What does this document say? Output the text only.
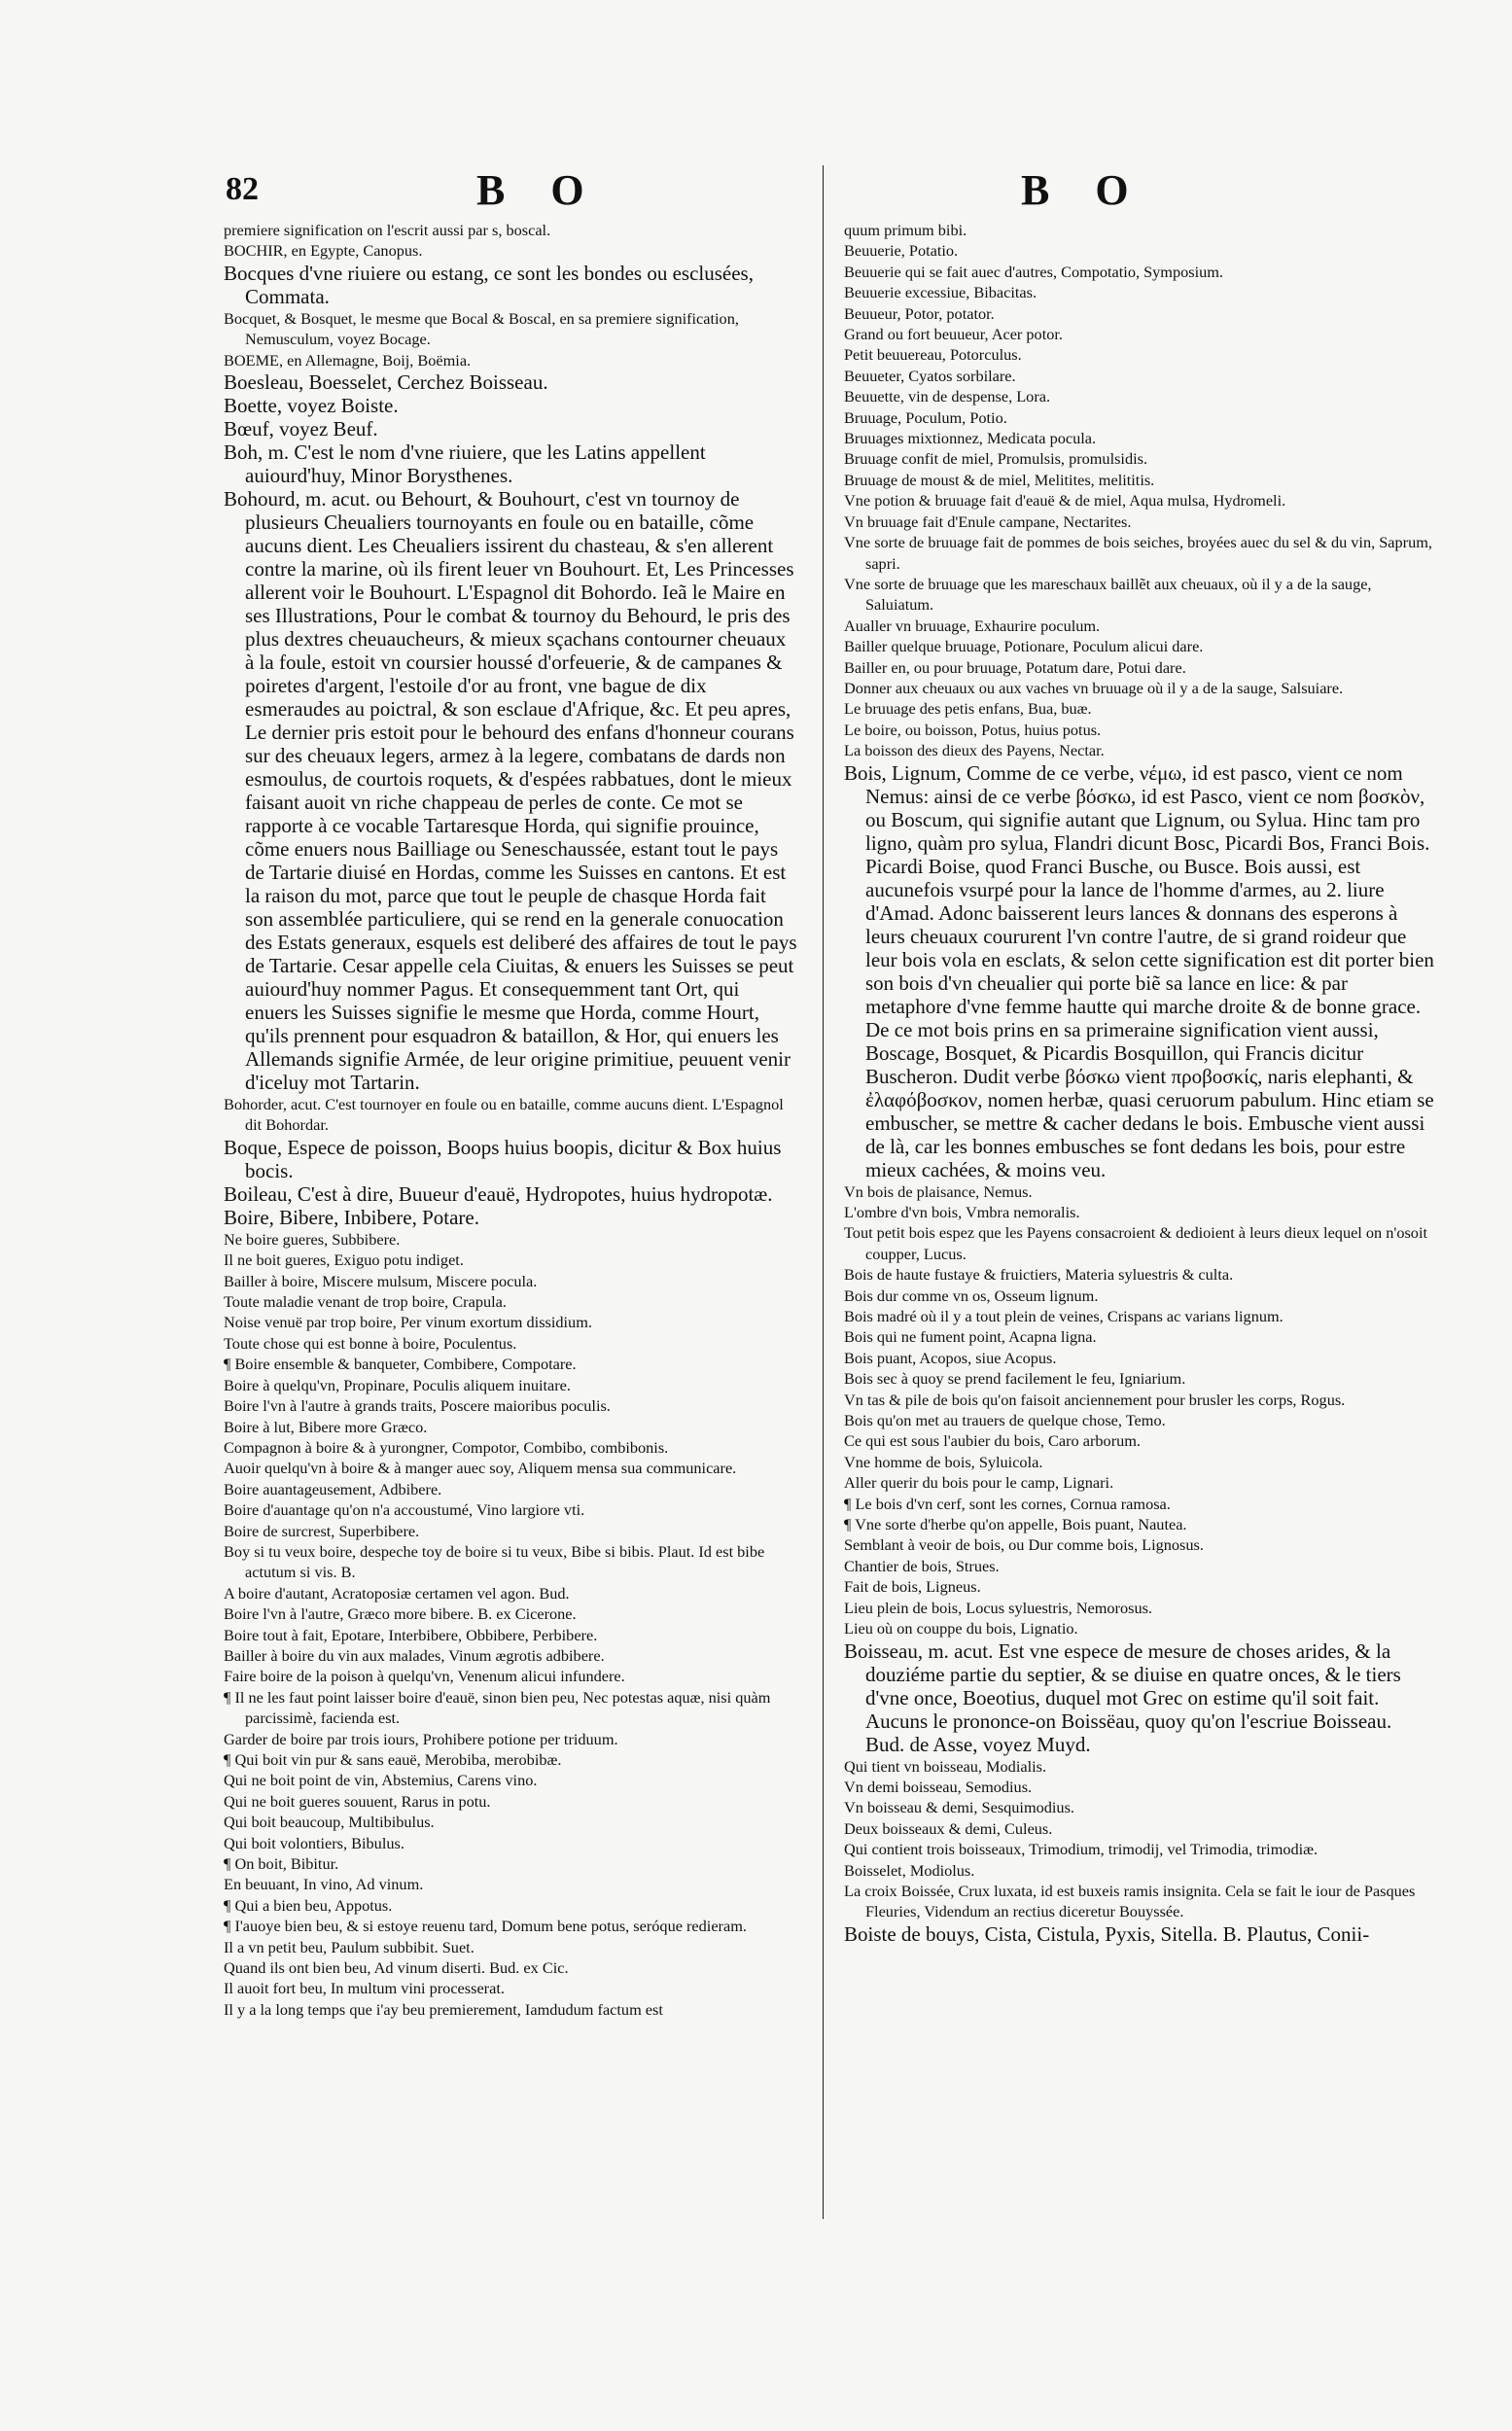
82	B O	B O

premiere signification on l'escrit aussi par s, boscal.

BOCHIR, en Egypte, Canopus.

Bocques d'vne riuiere ou estang, ce sont les bondes ou esclusées, Commata.

Bocquet, & Bosquet, le mesme que Bocal & Boscal, en sa premiere signification, Nemusculum, voyez Bocage.

BOEME, en Allemagne, Boij, Boëmia.

Boeslеau, Boesselet, Cerchez Boisseau.

Boette, voyez Boiste.

Bœuf, voyez Beuf.

Boh, m. C'est le nom d'vne riuiere, que les Latins appellent auiourd'huy, Minor Borysthenes.

Bohourd, m. acut. ou Behourt, & Bouhourt, c'est vn tournoy de plusieurs Cheualiers tournoyants en foule ou en bataille, cõme aucuns dient. Les Cheualiers issirent du chasteau, & s'en allerent contre la marine, où ils firent leuer vn Bouhourt. Et, Les Princesses allerent voir le Bouhourt. L'Espagnol dit Bohordo. Ieã le Maire en ses Illustrations, Pour le combat & tournoy du Behourd, le pris des plus dextres cheuaucheurs, & mieux sçachans contourner cheuaux à la foule, estoit vn coursier houssé d'orfeuerie, & de campanes & poiretes d'argent, l'estoile d'or au front, vne bague de dix esmeraudes au poictral, & son esclaue d'Afrique, &c. Et peu apres, Le dernier pris estoit pour le behourd des enfans d'honneur courans sur des cheuaux legers, armez à la legere, combatans de dards non esmoulus, de courtois roquets, & d'espées rabbatues, dont le mieux faisant auoit vn riche chappeau de perles de conte. Ce mot se rapporte à ce vocable Tartaresque Horda, qui signifie prouince, cõme enuers nous Bailliage ou Seneschaussée, estant tout le pays de Tartarie diuisé en Hordas, comme les Suisses en cantons. Et est la raison du mot, parce que tout le peuple de chasque Horda fait son assemblée particuliere, qui se rend en la generale conuocation des Estats generaux, esquels est deliberé des affaires de tout le pays de Tartarie. Cesar appelle cela Ciuitas, & enuers les Suisses se peut auiourd'huy nommer Pagus. Et consequemment tant Ort, qui enuers les Suisses signifie le mesme que Horda, comme Hourt, qu'ils prennent pour esquadron & bataillon, & Hor, qui enuers les Allemands signifie Armée, de leur origine primitiue, peuuent venir d'iceluy mot Tartarin.

Bohorder, acut. C'est tournoyer en foule ou en bataille, comme aucuns dient. L'Espagnol dit Bohordar.

Boque, Espece de poisson, Boops huius boopis, dicitur & Box huius bocis.

Boileau, C'est à dire, Buueur d'eauë, Hydropotes, huius hydropotæ.

Boire, Bibere, Inbibere, Potare.

Ne boire gueres, Subbibere.

Il ne boit gueres, Exiguo potu indiget.

Bailler à boire, Miscere mulsum, Miscere pocula.

Toute maladie venant de trop boire, Crapula.

Noise venuë par trop boire, Per vinum exortum dissidium.

Toute chose qui est bonne à boire, Poculentus.

¶ Boire ensemble & banqueter, Combibere, Compotare.

Boire à quelqu'vn, Propinare, Poculis aliquem inuitare.

Boire l'vn à l'autre à grands traits, Poscere maioribus poculis.

Boire à lut, Bibere more Græco.

Compagnon à boire & à yurongner, Compotor, Combibo, combibonis.

Auoir quelqu'vn à boire & à manger auec soy, Aliquem mensa sua communicare.

Boire auantageusement, Adbibere.

Boire d'auantage qu'on n'a accoustumé, Vino largiore vti.

Boire de surcrest, Superbibere.

Boy si tu veux boire, despeche toy de boire si tu veux, Bibe si bibis. Plaut. Id est bibe actutum si vis. B.

A boire d'autant, Acratoposiæ certamen vel agon. Bud.

Boire l'vn à l'autre, Græco more bibere. B. ex Cicerone.

Boire tout à fait, Epotare, Interbibere, Obbibere, Perbibere.

Bailler à boire du vin aux malades, Vinum ægrotis adbibere.

Faire boire de la poison à quelqu'vn, Venenum alicui infundere.

¶ Il ne les faut point laisser boire d'eauë, sinon bien peu, Nec potestas aquæ, nisi quàm parcissimè, facienda est.

Garder de boire par trois iours, Prohibere potione per triduum.

¶ Qui boit vin pur & sans eauë, Merobiba, merobibæ.

Qui ne boit point de vin, Abstemius, Carens vino.

Qui ne boit gueres souuent, Rarus in potu.

Qui boit beaucoup, Multibibulus.

Qui boit volontiers, Bibulus.

¶ On boit, Bibitur.

En beuuant, In vino, Ad vinum.

¶ Qui a bien beu, Appotus.

¶ I'auoye bien beu, & si estoye reuenu tard, Domum bene potus, seróque redieram.

Il a vn petit beu, Paulum subbibit. Suet.

Quand ils ont bien beu, Ad vinum diserti. Bud. ex Cic.

Il auoit fort beu, In multum vini processerat.

Il y a la long temps que i'ay beu premierement, Iamdudum factum est

quum primum bibi.

Beuuerie, Potatio.

Beuuerie qui se fait auec d'autres, Compotatio, Symposium.

Beuuerie excessiue, Bibacitas.

Beuueur, Potor, potator.

Grand ou fort beuueur, Acer potor.

Petit beuuereau, Potorculus.

Beuueter, Cyatos sorbilare.

Beuuette, vin de despense, Lora.

Bruuage, Poculum, Potio.

Bruuages mixtionnez, Medicata pocula.

Bruuage confit de miel, Promulsis, promulsidis.

Bruuage de moust & de miel, Melitites, melititis.

Vne potion & bruuage fait d'eauë & de miel, Aqua mulsa, Hydromeli.

Vn bruuage fait d'Enule campane, Nectarites.

Vne sorte de bruuage fait de pommes de bois seiches, broyées auec du sel & du vin, Saprum, sapri.

Vne sorte de bruuage que les mareschaux baillẽt aux cheuaux, où il y a de la sauge, Saluiatum.

Aualler vn bruuage, Exhaurire poculum.

Bailler quelque bruuage, Potionare, Poculum alicui dare.

Bailler en, ou pour bruuage, Potatum dare, Potui dare.

Donner aux cheuaux ou aux vaches vn bruuage où il y a de la sauge, Salsuiare.

Le bruuage des petis enfans, Bua, buæ.

Le boire, ou boisson, Potus, huius potus.

La boisson des dieux des Payens, Nectar.

Bois, Lignum, Comme de ce verbe, νέμω, id est pasco, vient ce nom Nemus: ainsi de ce verbe βόσκω, id est Pasco, vient ce nom βοσκὸν, ou Boscum, qui signifie autant que Lignum, ou Sylua. Hinc tam pro ligno, quàm pro sylua, Flandri dicunt Bosc, Picardi Bos, Franci Bois. Picardi Boise, quod Franci Busche, ou Busce. Bois aussi, est aucunefois vsurpé pour la lance de l'homme d'armes, au 2. liure d'Amad. Adonc baisserent leurs lances & donnans des esperons à leurs cheuaux coururent l'vn contre l'autre, de si grand roideur que leur bois vola en esclats, & selon cette signification est dit porter bien son bois d'vn cheualier qui porte biẽ sa lance en lice: & par metaphore d'vne femme hautte qui marche droite & de bonne grace. De ce mot bois prins en sa primeraine signification vient aussi, Boscage, Bosquet, & Picardis Bosquillon, qui Francis dicitur Buscheron. Dudit verbe βόσκω vient προβοσκίς, naris elephanti, & ἐλαφόβοσκον, nomen herbæ, quasi ceruorum pabulum. Hinc etiam se embuscher, se mettre & cacher dedans le bois. Embusche vient aussi de là, car les bonnes embusches se font dedans les bois, pour estre mieux cachées, & moins veu.

Vn bois de plaisance, Nemus.

L'ombre d'vn bois, Vmbra nemoralis.

Tout petit bois espez que les Payens consacroient & dedioient à leurs dieux lequel on n'osoit coupper, Lucus.

Bois de haute fustaye & fruictiers, Materia syluestris & culta.

Bois dur comme vn os, Osseum lignum.

Bois madré où il y a tout plein de veines, Crispans ac varians lignum.

Bois qui ne fument point, Acapna ligna.

Bois puant, Acopos, siue Acopus.

Bois sec à quoy se prend facilement le feu, Igniarium.

Vn tas & pile de bois qu'on faisoit anciennement pour brusler les corps, Rogus.

Bois qu'on met au trauers de quelque chose, Temo.

Ce qui est sous l'aubier du bois, Caro arborum.

Vne homme de bois, Syluicola.

Aller querir du bois pour le camp, Lignari.

¶ Le bois d'vn cerf, sont les cornes, Cornua ramosa.

¶ Vne sorte d'herbe qu'on appelle, Bois puant, Nautea.

Semblant à veoir de bois, ou Dur comme bois, Lignosus.

Chantier de bois, Strues.

Fait de bois, Ligneus.

Lieu plein de bois, Locus syluestris, Nemorosus.

Lieu où on couppe du bois, Lignatio.

Boisseau, m. acut. Est vne espece de mesure de choses arides, & la douziéme partie du septier, & se diuise en quatre onces, & le tiers d'vne once, Boeotius, duquel mot Grec on estime qu'il soit fait. Aucuns le prononce-on Boissëau, quoy qu'on l'escriue Boisseau. Bud. de Asse, voyez Muyd.

Qui tient vn boisseau, Modialis.

Vn demi boisseau, Semodius.

Vn boisseau & demi, Sesquimodius.

Deux boisseaux & demi, Culeus.

Qui contient trois boisseaux, Trimodium, trimodij, vel Trimodia, trimodiæ.

Boisselet, Modiolus.

La croix Boissée, Crux luxata, id est buxeis ramis insignita. Cela se fait le iour de Pasques Fleuries, Videndum an rectius diceretur Bouyssée.

Boiste de bouys, Cista, Cistula, Pyxis, Sitella. B. Plautus, Conii-
